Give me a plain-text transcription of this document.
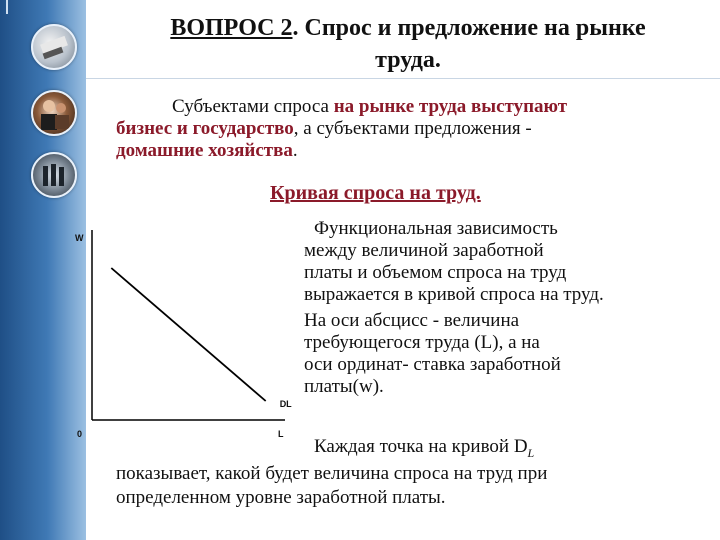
ВОПРОС 2. Спрос и предложение на рынке
труда.
Субъектами спроса на рынке труда выступают
бизнес и государство, а субъектами предложения -
домашние хозяйства.
Кривая спроса на труд.
W
0	L
DL
Функциональная зависимость
между величиной заработной
платы и объемом спроса на труд
выражается в кривой спроса на труд.
На оси абсцисс - величина
требующегося труда (L), а на
оси ординат- ставка заработной
платы(w).
Каждая точка на кривой $D_L$
показывает, какой будет величина спроса на труд при
определенном уровне заработной платы.
